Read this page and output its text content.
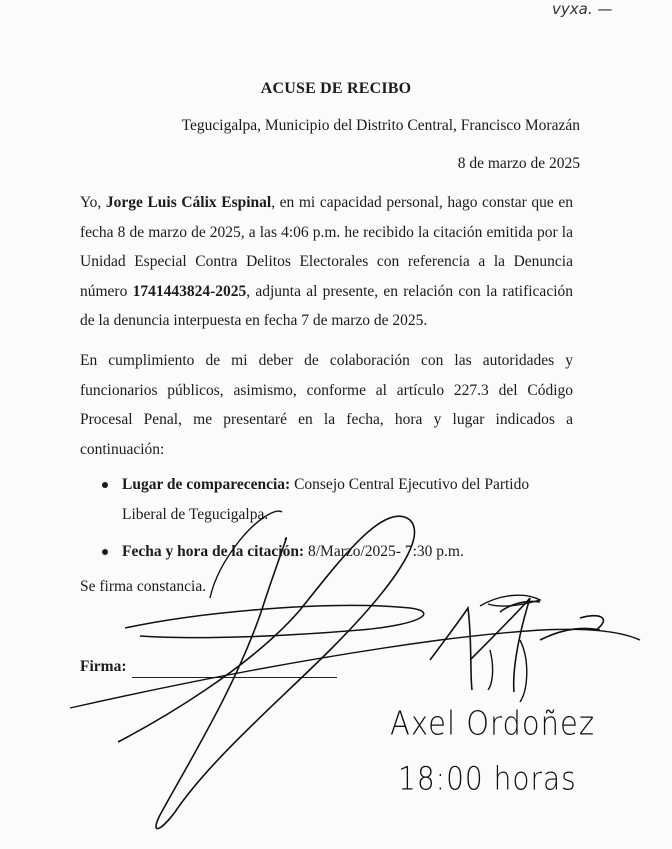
vyxa. —
ACUSE DE RECIBO
Tegucigalpa, Municipio del Distrito Central, Francisco Morazán
8 de marzo de 2025
Yo, Jorge Luis Cálix Espinal, en mi capacidad personal, hago constar que en fecha 8 de marzo de 2025, a las 4:06 p.m. he recibido la citación emitida por la Unidad Especial Contra Delitos Electorales con referencia a la Denuncia número 1741443824-2025, adjunta al presente, en relación con la ratificación de la denuncia interpuesta en fecha 7 de marzo de 2025.
En cumplimiento de mi deber de colaboración con las autoridades y funcionarios públicos, asimismo, conforme al artículo 227.3 del Código Procesal Penal, me presentaré en la fecha, hora y lugar indicados a continuación:
Lugar de comparecencia: Consejo Central Ejecutivo del Partido Liberal de Tegucigalpa.
Fecha y hora de la citación: 8/Marzo/2025- 7:30 p.m.
Se firma constancia.
Firma:
Axel Ordoñez
18:00 horas
